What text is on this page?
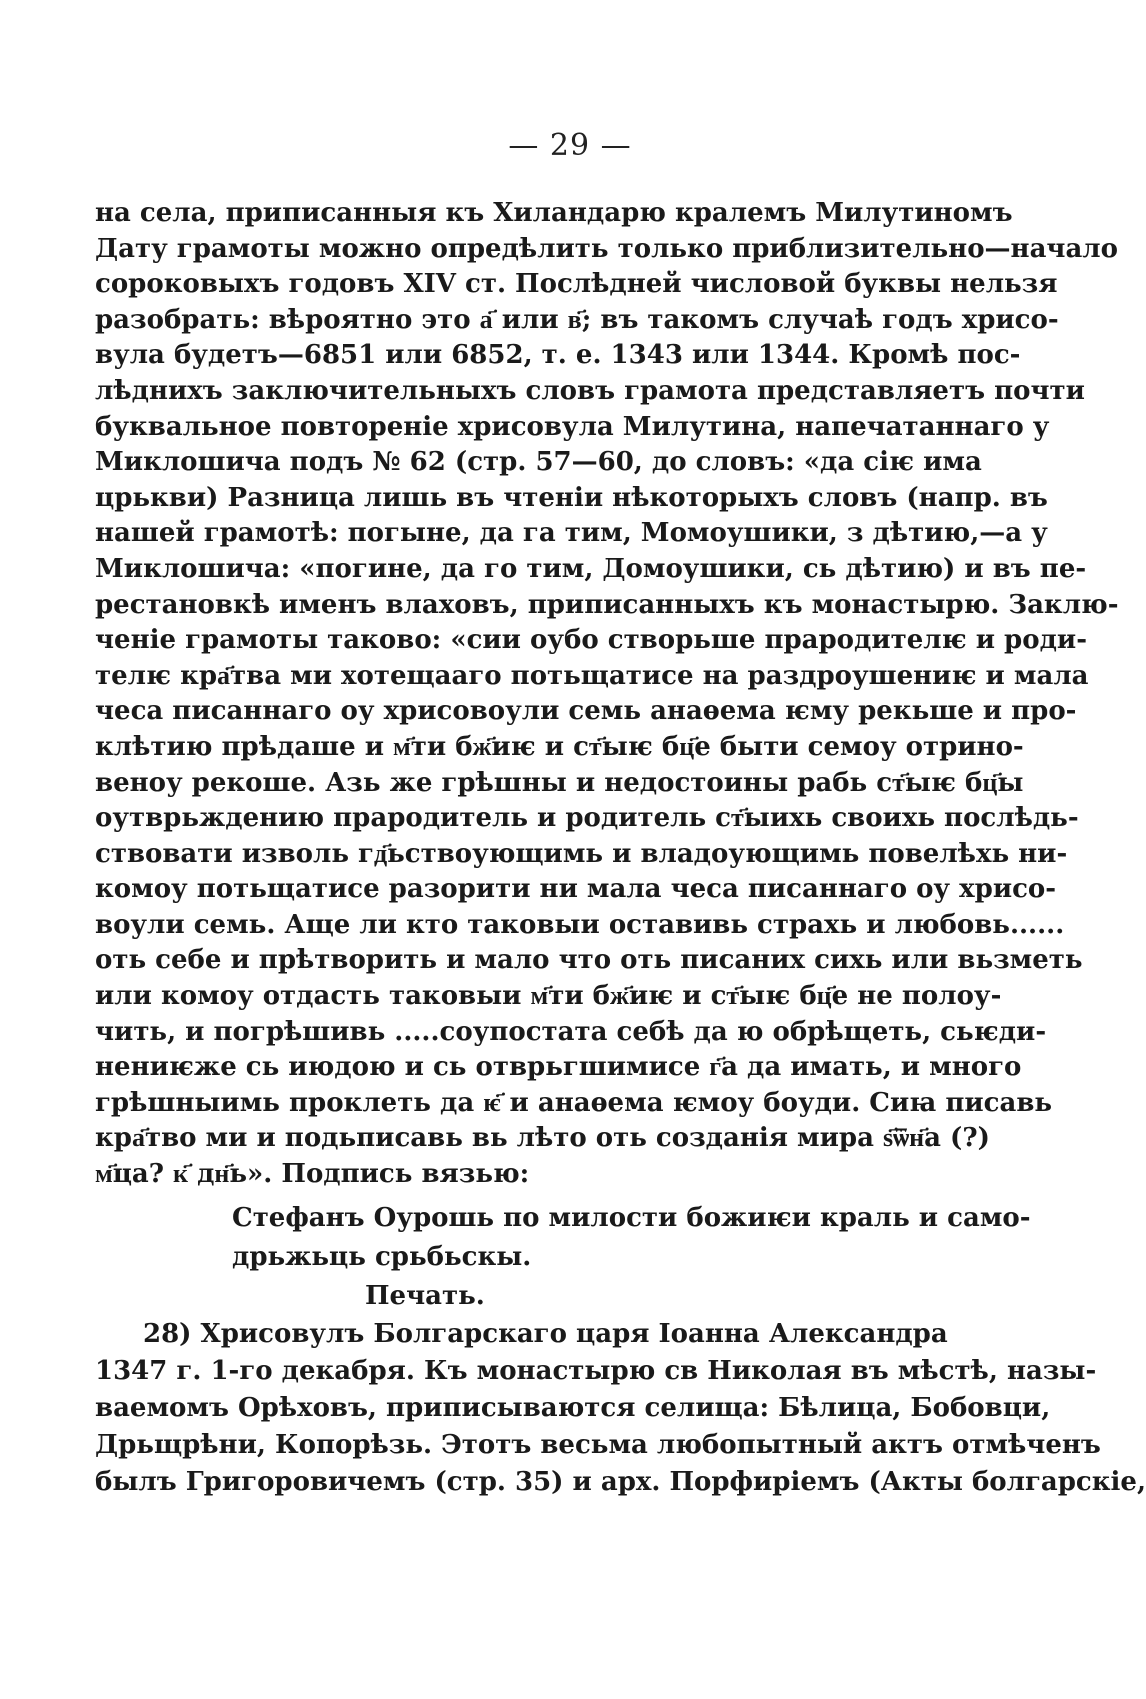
— 29 —
на села, приписанныя къ Хиландарю кралемъ Милутиномъ
Дату грамоты можно опредѣлить только приблизительно—начало
сороковыхъ годовъ XIV ст. Послѣдней числовой буквы нельзя
разобрать: вѣроятно это а҃ или в҃; въ такомъ случаѣ годъ хрисо-
вула будетъ—6851 или 6852, т. е. 1343 или 1344. Кромѣ пос-
лѣднихъ заключительныхъ словъ грамота представляетъ почти
буквальное повтореніе хрисовула Милутина, напечатаннаго у
Миклошича подъ № 62 (стр. 57—60, до словъ: «да сіѥ има
црькви) Разница лишь въ чтеніи нѣкоторыхъ словъ (напр. въ
нашей грамотѣ: погыне, да га тим, Момоушики, з дѣтию,—а у
Миклошича: «погине, да го тим, Домоушики, сь дѣтию) и въ пе-
рестановкѣ именъ влаховъ, приписанныхъ къ монастырю. Заклю-
ченіе грамоты таково: «сии оубо створьше прародителѥ и роди-
телѥ кра҃тва ми хотещааго потьщатисе на раздроушениѥ и мала
чеса писаннаго оу хрисовоули семь анаѳема ѥму рекьше и про-
клѣтию прѣдаше и м҃ти бж҃иѥ и ст҃ыѥ бц҃е быти семоу отрино-
веноу рекоше. Азь же грѣшны и недостоины рабь ст҃ыѥ бц҃ы
оутврьждению прародитель и родитель ст҃ыихь своихь послѣдь-
ствовати изволь гд҃ьствоующимь и владоующимь повелѣхь ни-
комоу потьщатисе разорити ни мала чеса писаннаго оу хрисо-
воули семь. Аще ли кто таковыи оставивь страхь и любовь......
оть себе и прѣтворить и мало что оть писаних сихь или вьзметь
или комоу отдасть таковыи м҃ти бж҃иѥ и ст҃ыѥ бц҃е не полоу-
чить, и погрѣшивь .....соупостата себѣ да ю обрѣщеть, сьѥди-
нениѥже сь июдою и сь отврьгшимисе г҃а да имать, и много
грѣшныимь проклеть да ѥ҃ и анаѳема ѥмоу боуди. Сиꙗ писавь
кра҃тво ми и подьписавь вь лѣто оть созданія мира ѕ҃ѿн҃а (?)
м҃ца? к҃ дн҃ь». Подпись вязью:
Стефанъ Оурошь по милости божиѥи краль и само-
дрьжьць срьбьскы.
Печать.
28) Хрисовулъ Болгарскаго царя Іоанна Александра
1347 г. 1-го декабря. Къ монастырю св Николая въ мѣстѣ, назы-
ваемомъ Орѣховъ, приписываются селища: Бѣлица, Бобовци,
Дрьщрѣни, Копорѣзь. Этотъ весьма любопытный актъ отмѣченъ
былъ Григоровичемъ (стр. 35) и арх. Порфиріемъ (Акты болгарскіе,
